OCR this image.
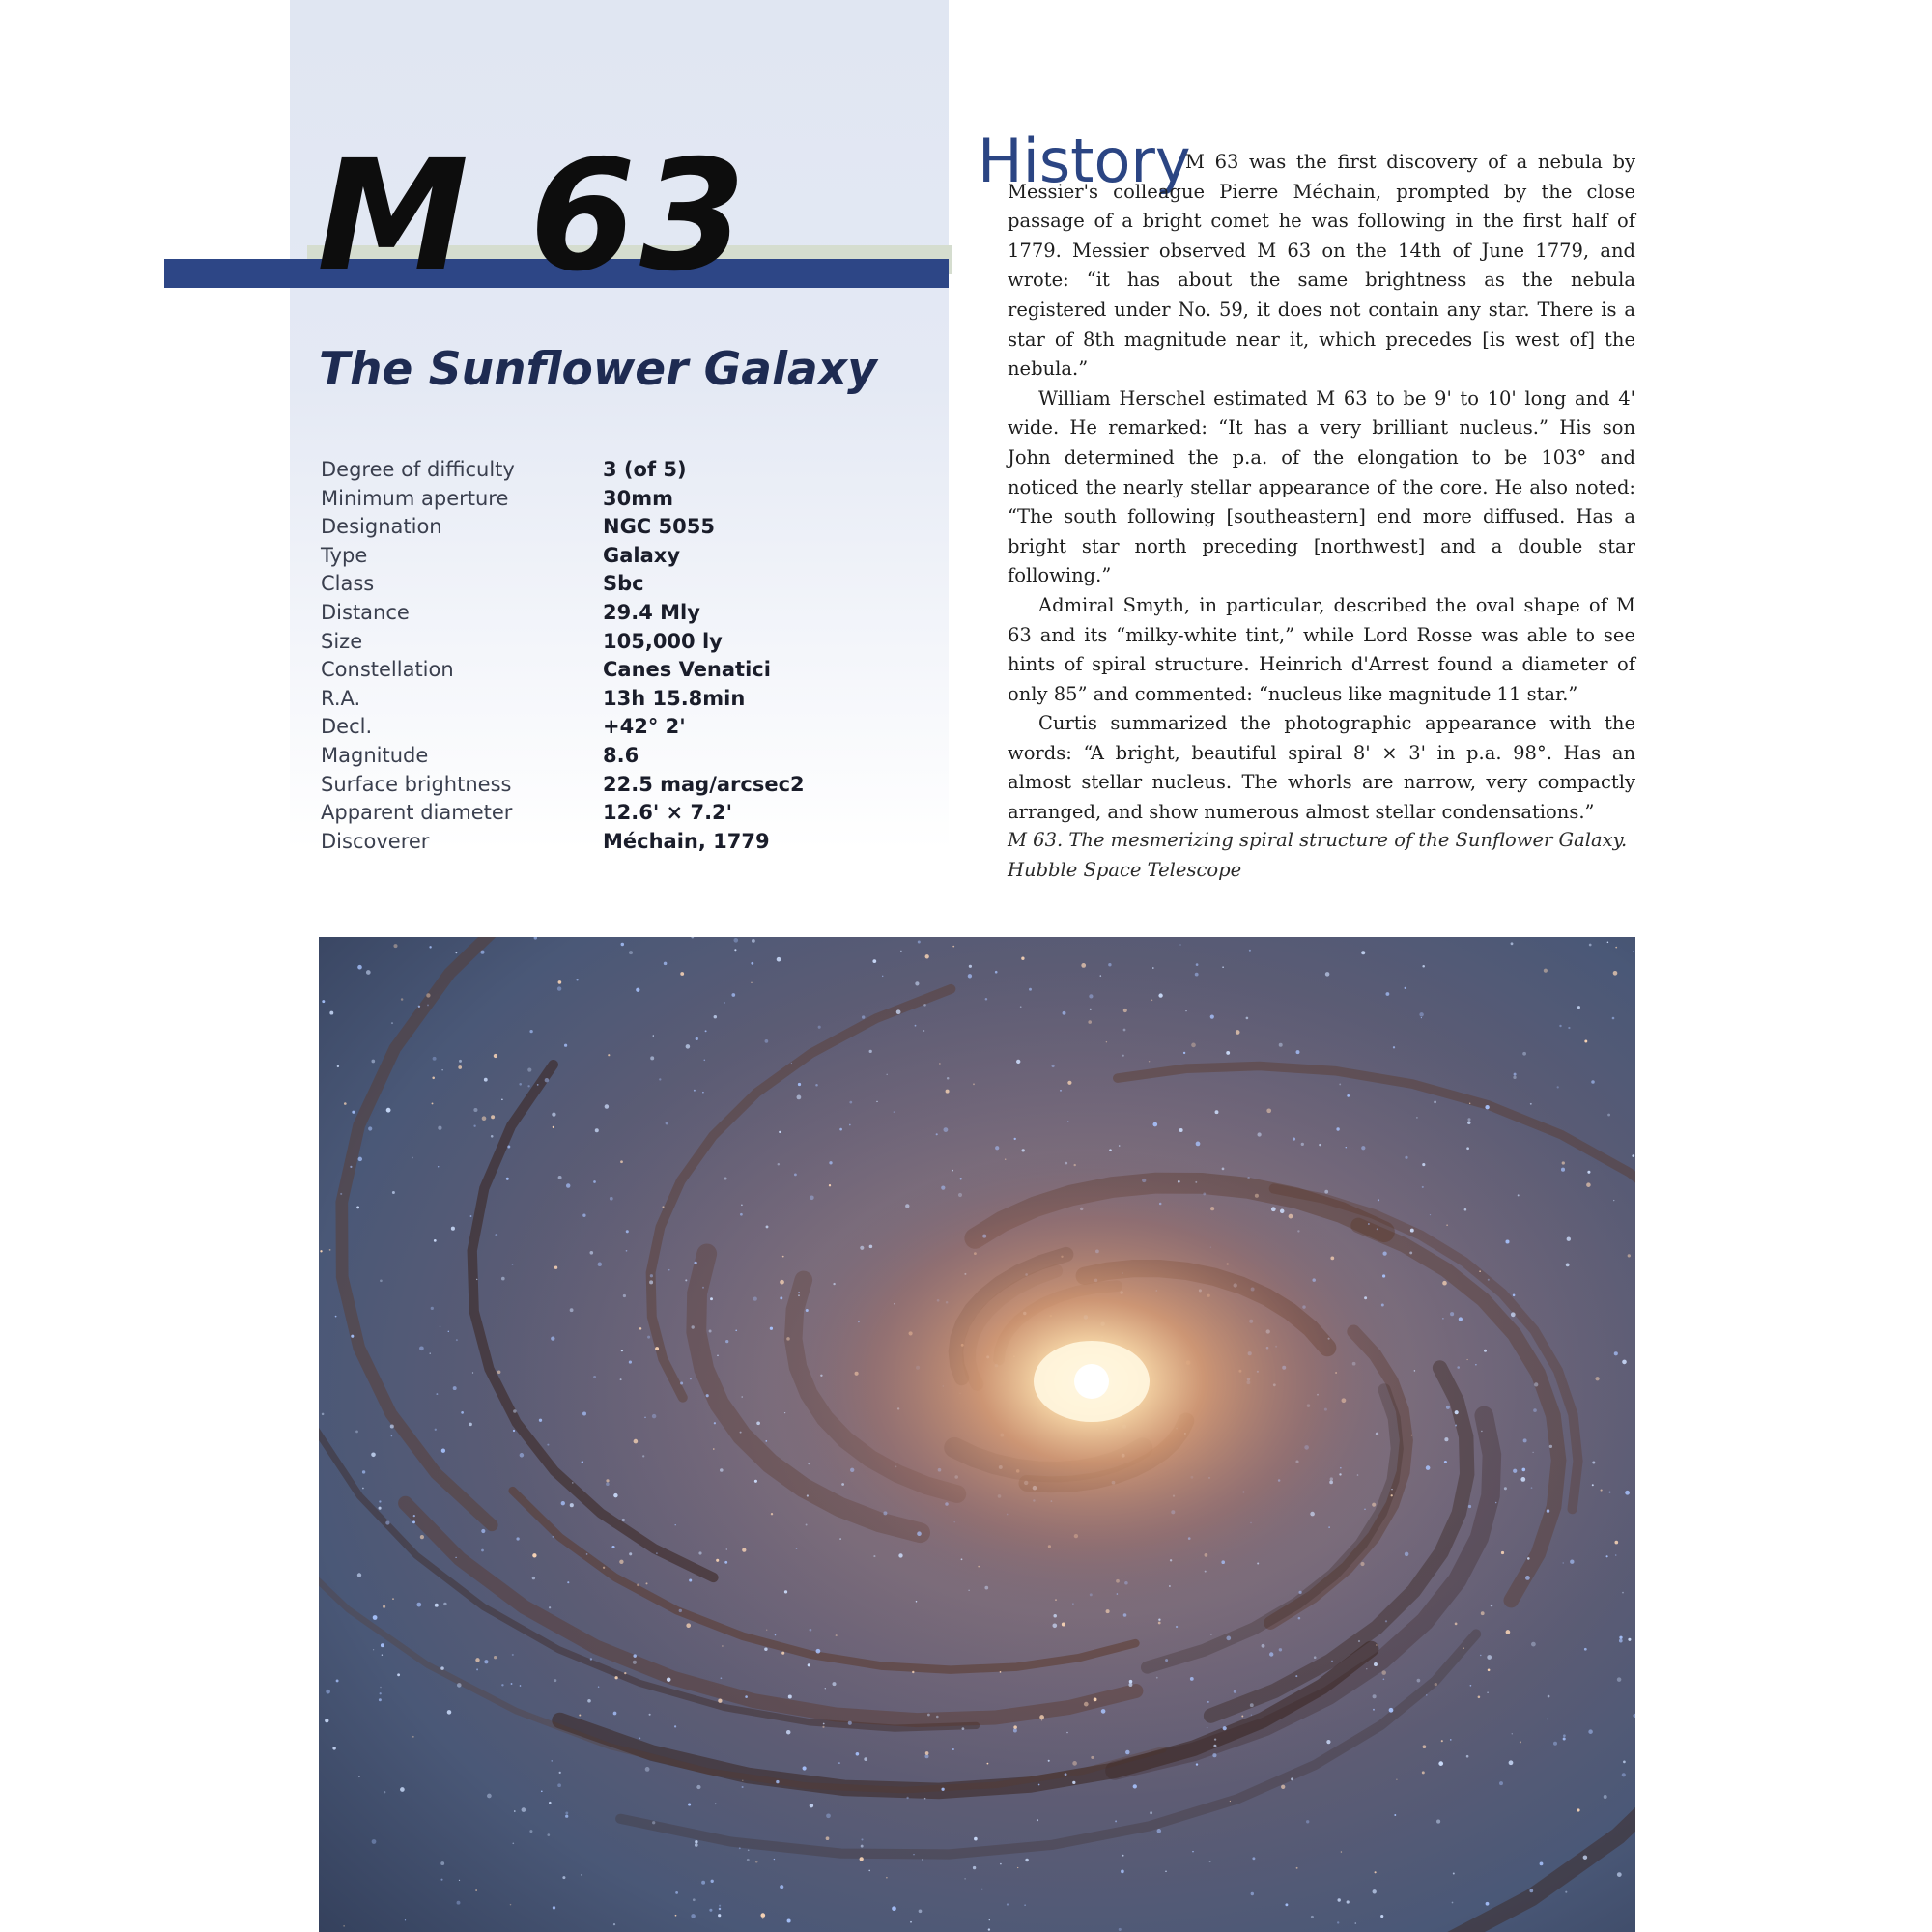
M 63
The Sunflower Galaxy
Degree of difficulty	3 (of 5)
Minimum aperture	30mm
Designation	NGC 5055
Type	Galaxy
Class	Sbc
Distance	29.4 Mly
Size	105,000 ly
Constellation	Canes Venatici
R.A.	13h 15.8min
Decl.	+42° 2'
Magnitude	8.6
Surface brightness	22.5 mag/arcsec2
Apparent diameter	12.6' × 7.2'
Discoverer	Méchain, 1779
History

M 63 was the first discovery of a nebula by Messier's colleague Pierre Méchain, prompted by the close passage of a bright comet he was following in the first half of 1779. Messier observed M 63 on the 14th of June 1779, and wrote: “it has about the same brightness as the nebula registered under No. 59, it does not contain any star. There is a star of 8th magnitude near it, which precedes [is west of] the nebula.”

William Herschel estimated M 63 to be 9' to 10' long and 4' wide. He remarked: “It has a very brilliant nucleus.” His son John determined the p.a. of the elongation to be 103° and noticed the nearly stellar appearance of the core. He also noted: “The south following [southeastern] end more diffused. Has a bright star north preceding [northwest] and a double star following.”

Admiral Smyth, in particular, described the oval shape of M 63 and its “milky-white tint,” while Lord Rosse was able to see hints of spiral structure. Heinrich d'Arrest found a diameter of only 85” and commented: “nucleus like magnitude 11 star.”

Curtis summarized the photographic appearance with the words: “A bright, beautiful spiral 8' × 3' in p.a. 98°. Has an almost stellar nucleus. The whorls are narrow, very compactly arranged, and show numerous almost stellar condensations.”

M 63. The mesmerizing spiral structure of the Sunflower Galaxy.
Hubble Space Telescope
